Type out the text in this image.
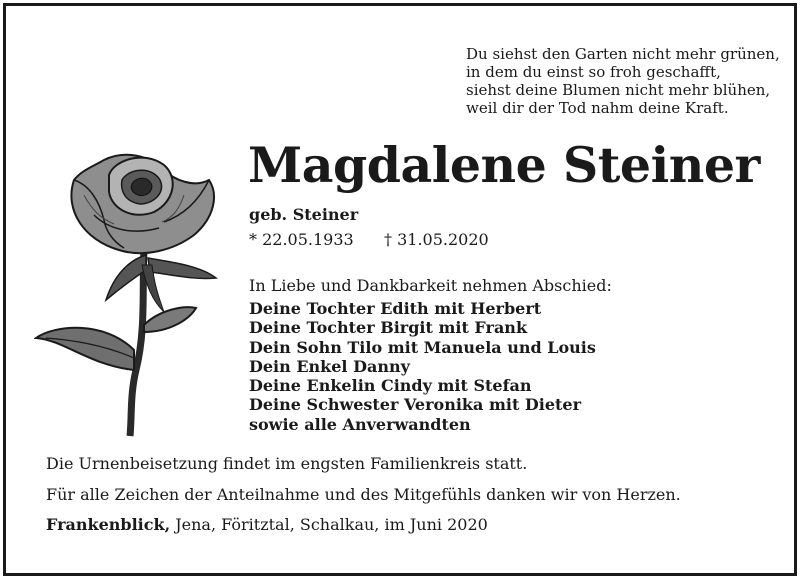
Du siehst den Garten nicht mehr grünen,
in dem du einst so froh geschafft,
siehst deine Blumen nicht mehr blühen,
weil dir der Tod nahm deine Kraft.
Magdalene Steiner
geb. Steiner
* 22.05.1933 † 31.05.2020
In Liebe und Dankbarkeit nehmen Abschied:
Deine Tochter Edith mit Herbert
Deine Tochter Birgit mit Frank
Dein Sohn Tilo mit Manuela und Louis
Dein Enkel Danny
Deine Enkelin Cindy mit Stefan
Deine Schwester Veronika mit Dieter
sowie alle Anverwandten
Die Urnenbeisetzung findet im engsten Familienkreis statt.
Für alle Zeichen der Anteilnahme und des Mitgefühls danken wir von Herzen.
Frankenblick, Jena, Föritztal, Schalkau, im Juni 2020
